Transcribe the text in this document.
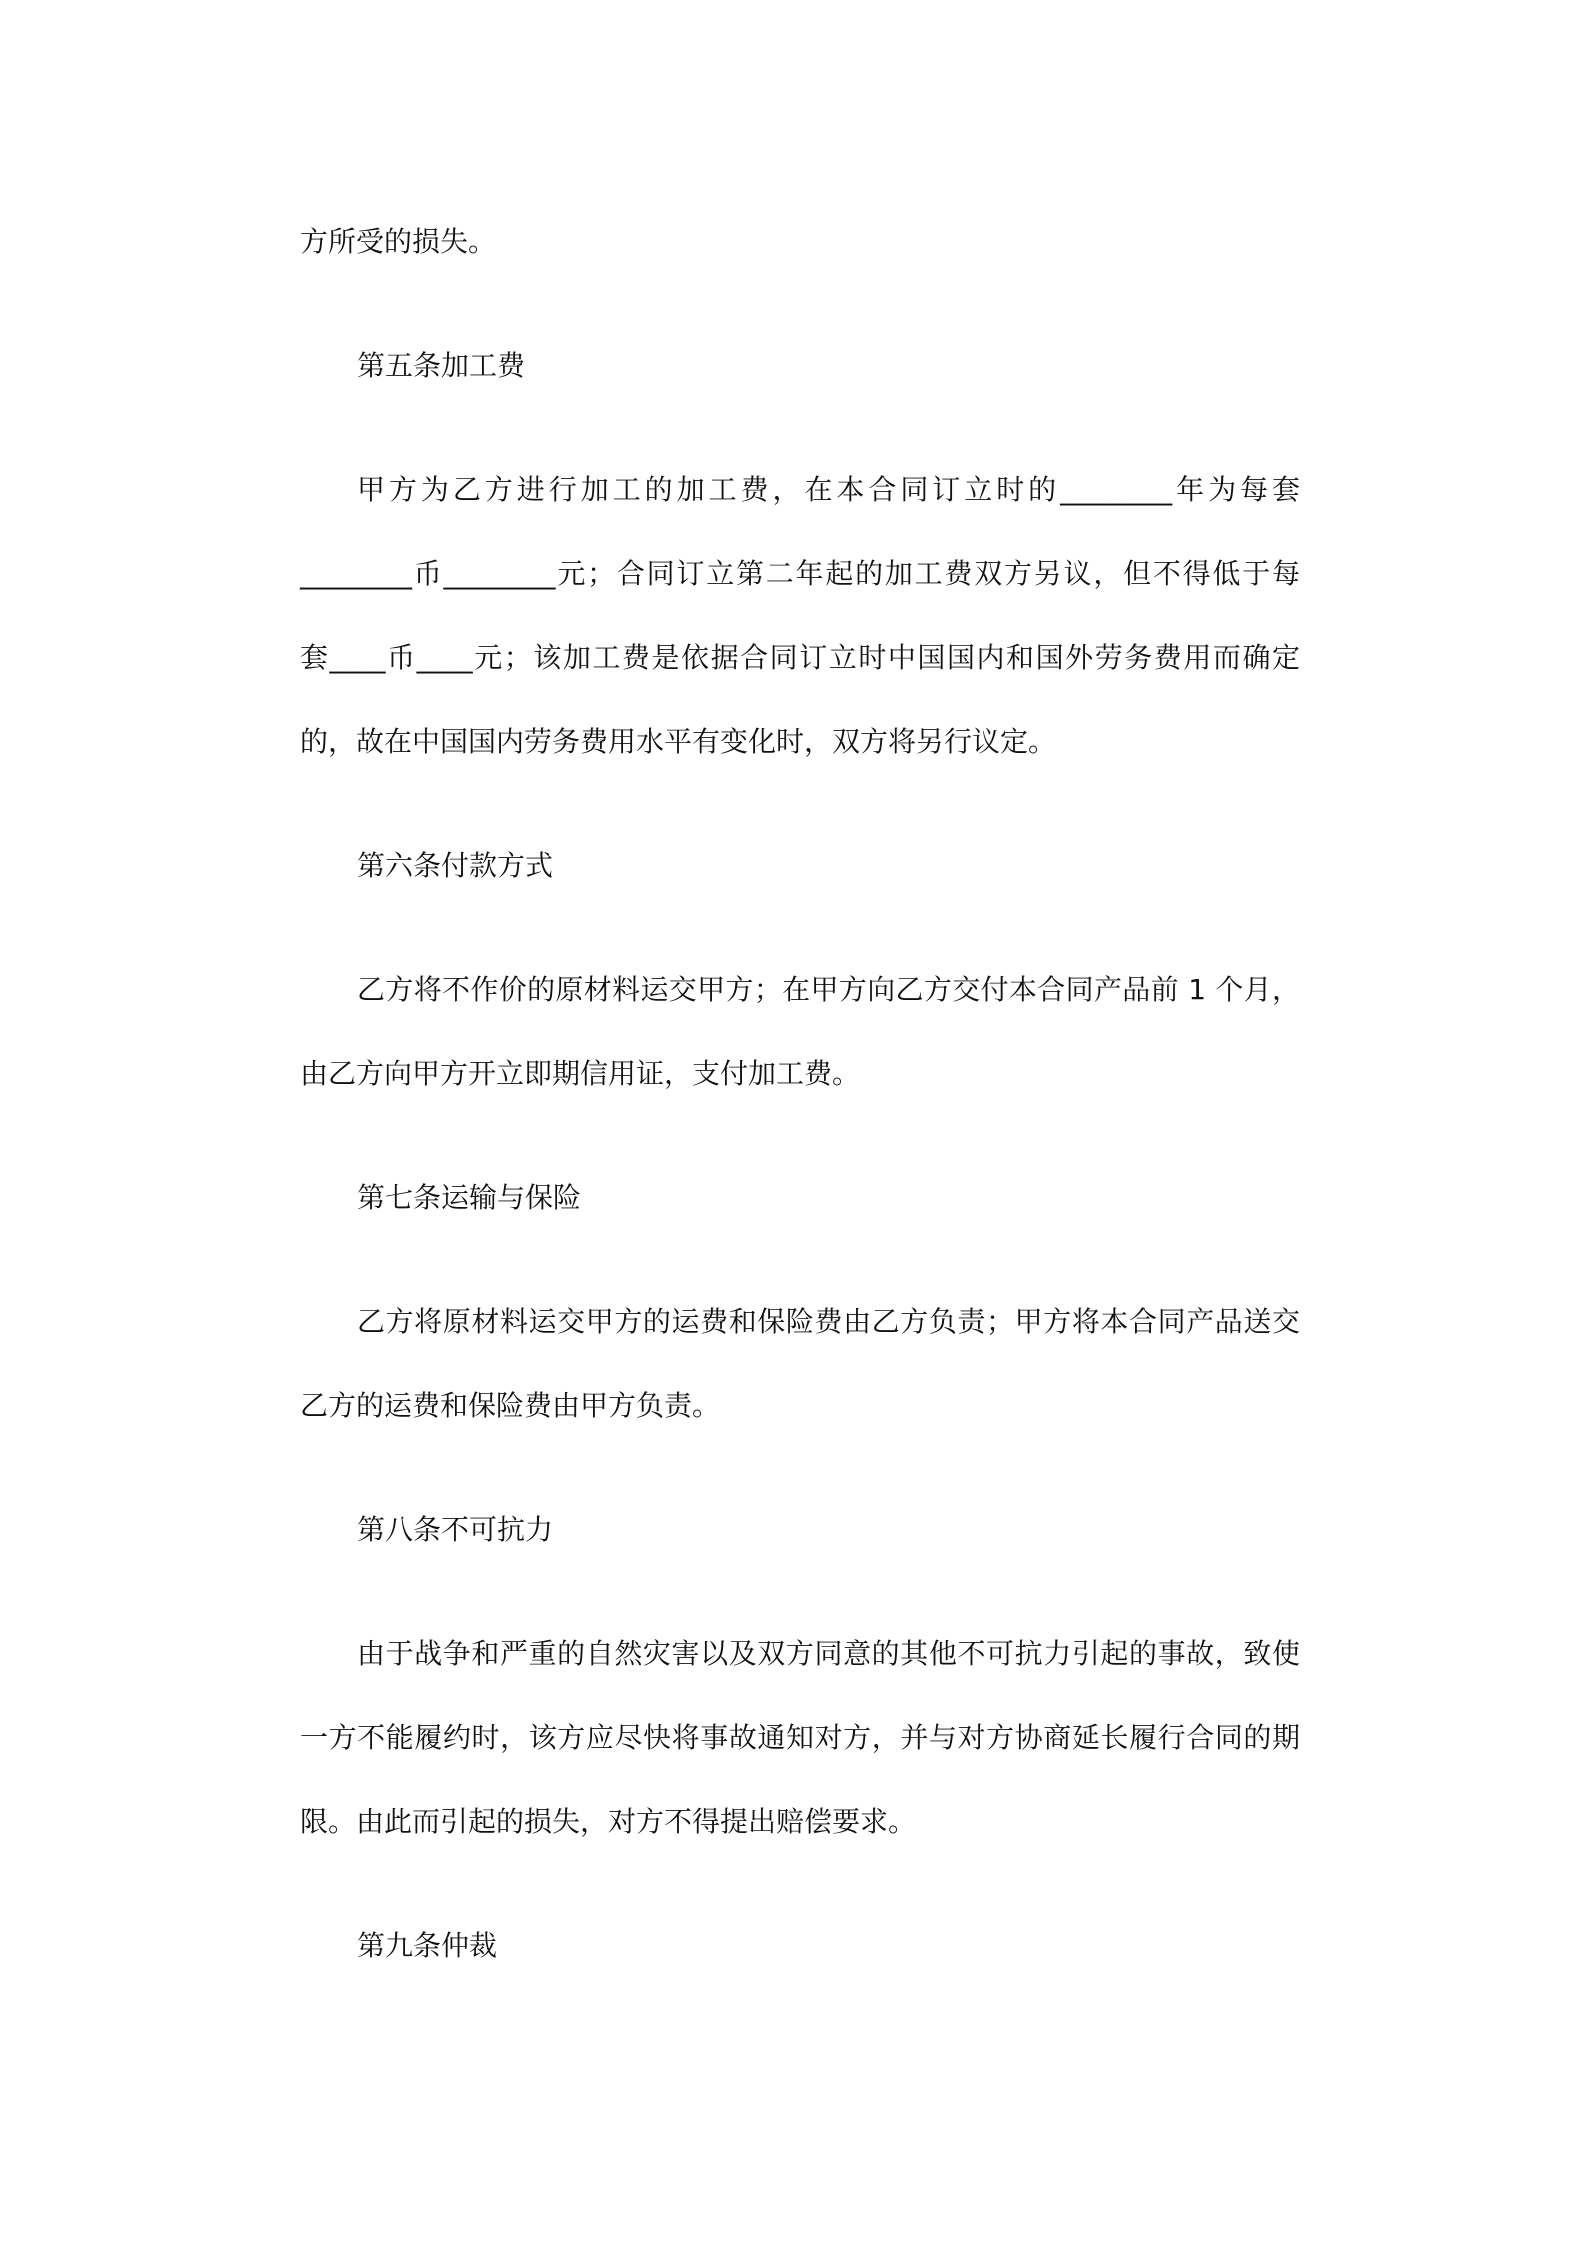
方所受的损失。
第五条加工费
甲方为乙方进行加工的加工费，在本合同订立时的________年为每套
________币________元；合同订立第二年起的加工费双方另议，但不得低于每
套____币____元；该加工费是依据合同订立时中国国内和国外劳务费用而确定
的，故在中国国内劳务费用水平有变化时，双方将另行议定。
第六条付款方式
乙方将不作价的原材料运交甲方；在甲方向乙方交付本合同产品前 1 个月，
由乙方向甲方开立即期信用证，支付加工费。
第七条运输与保险
乙方将原材料运交甲方的运费和保险费由乙方负责；甲方将本合同产品送交
乙方的运费和保险费由甲方负责。
第八条不可抗力
由于战争和严重的自然灾害以及双方同意的其他不可抗力引起的事故，致使
一方不能履约时，该方应尽快将事故通知对方，并与对方协商延长履行合同的期
限。由此而引起的损失，对方不得提出赔偿要求。
第九条仲裁
